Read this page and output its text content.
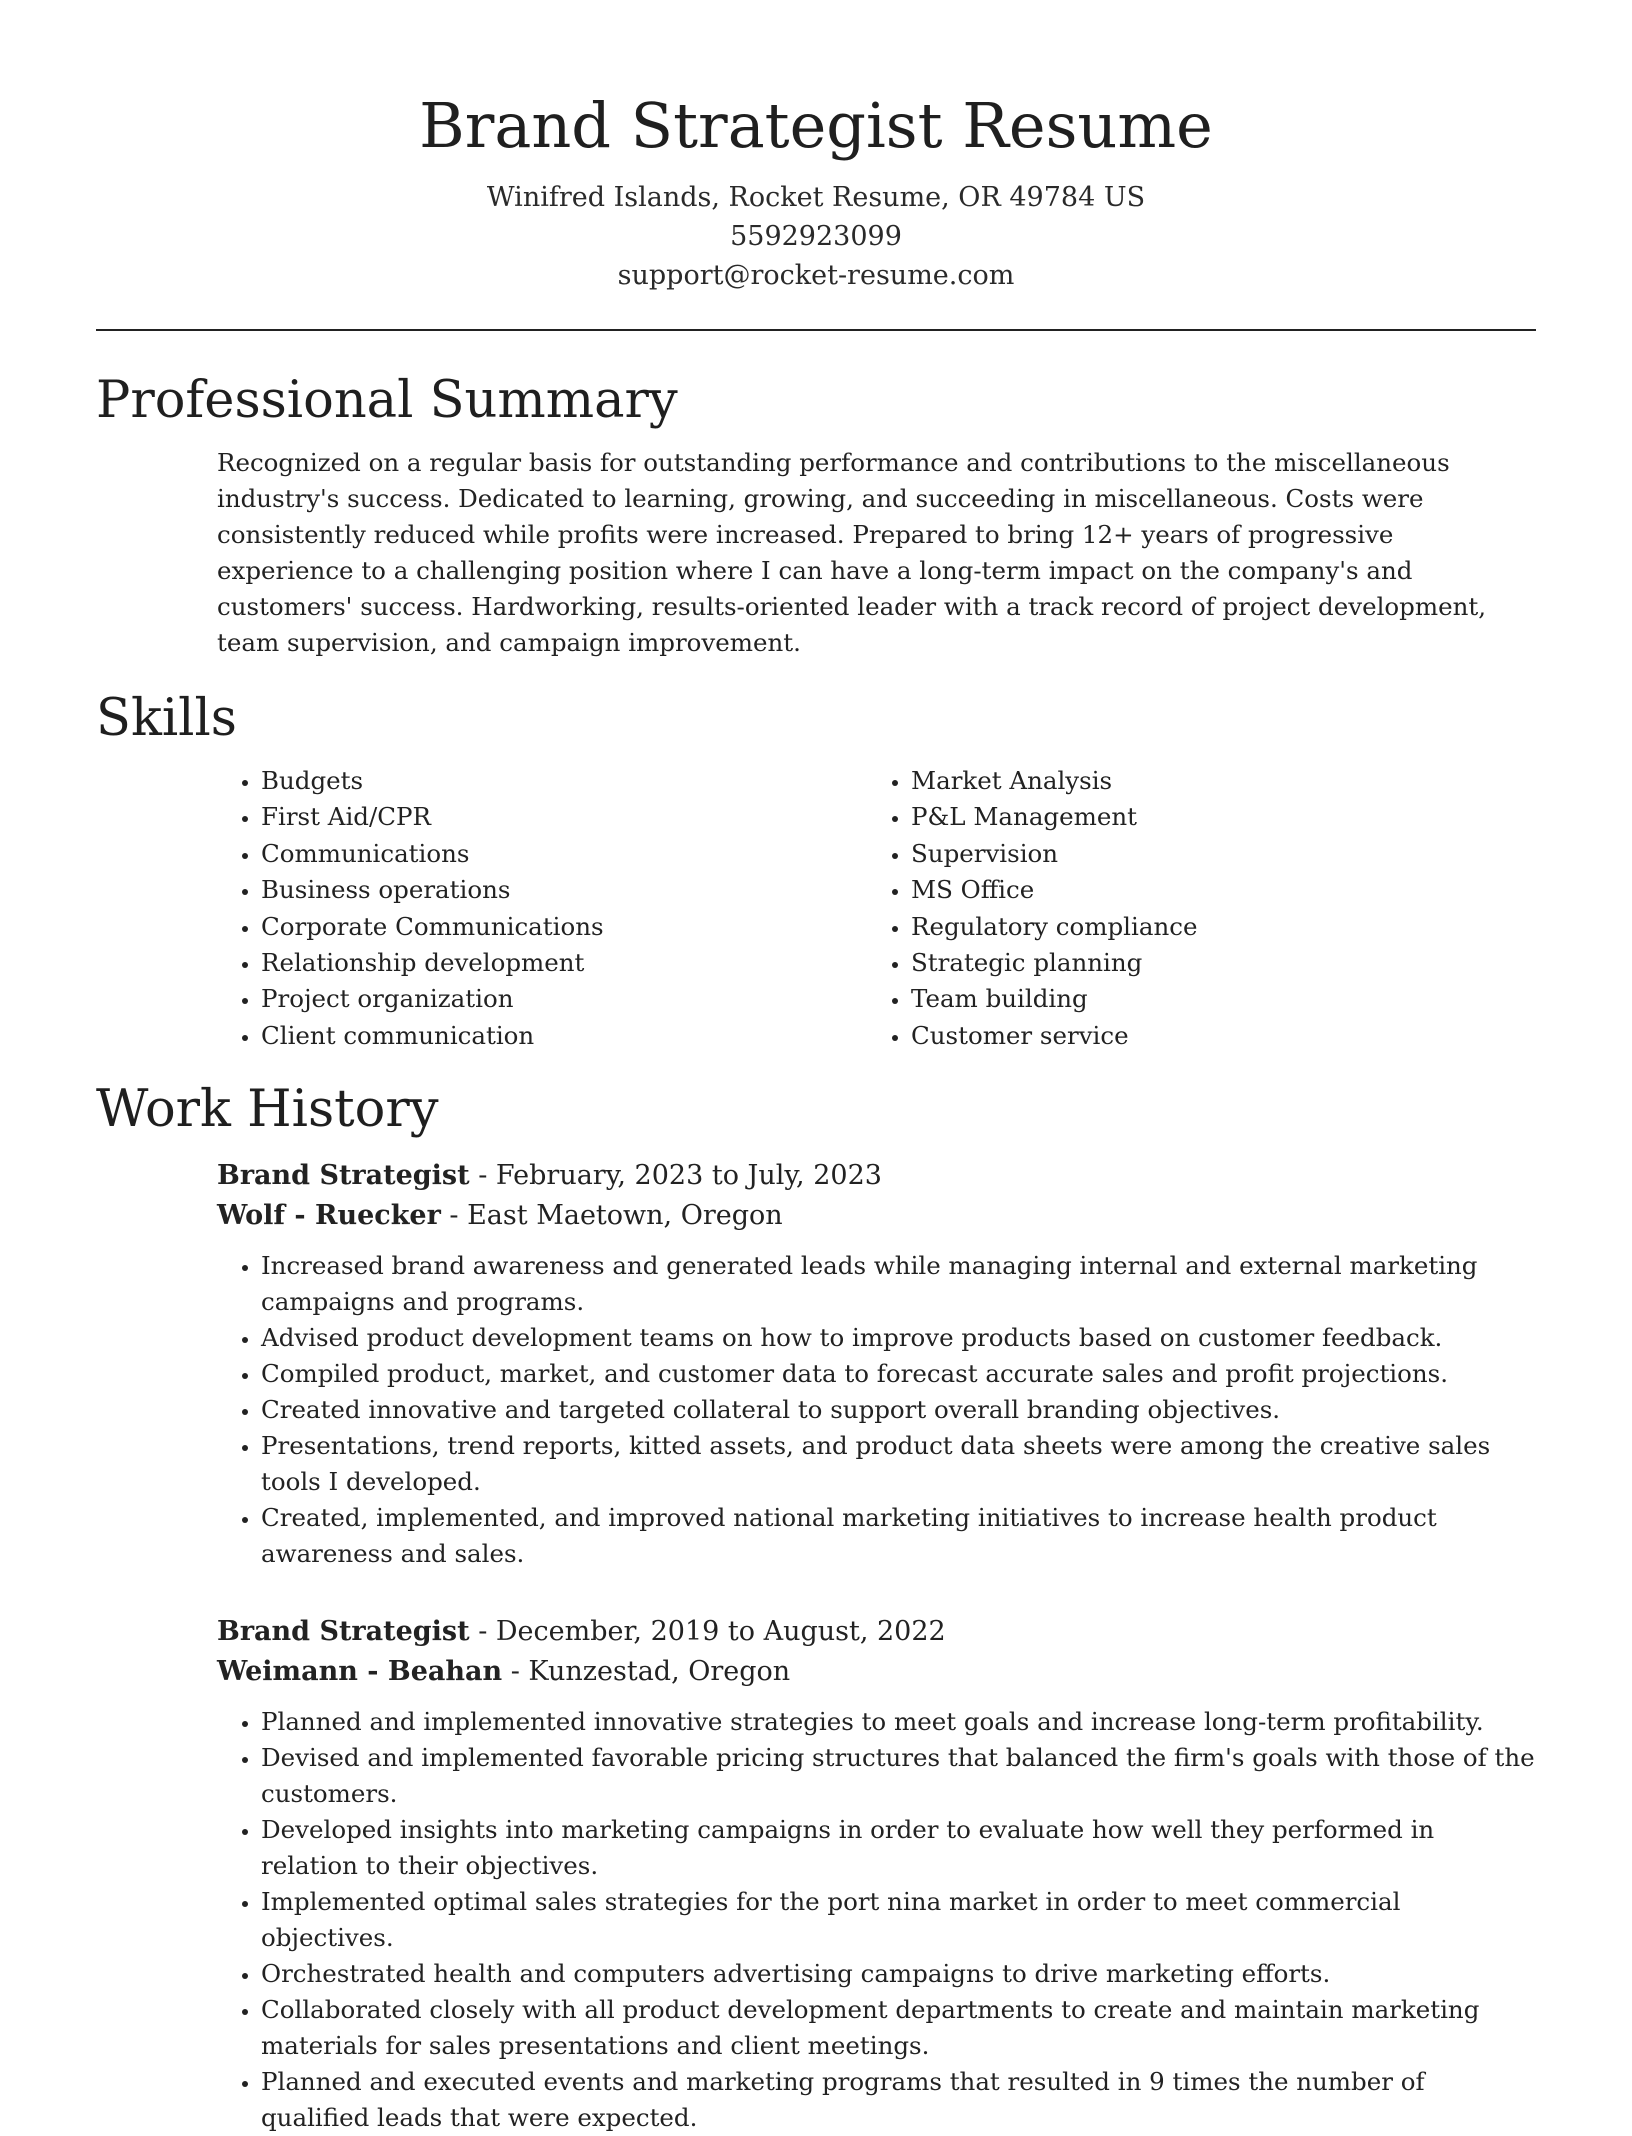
Brand Strategist Resume
Winifred Islands, Rocket Resume, OR 49784 US
5592923099
support@rocket-resume.com
Professional Summary

Recognized on a regular basis for outstanding performance and contributions to the miscellaneous industry's success. Dedicated to learning, growing, and succeeding in miscellaneous. Costs were consistently reduced while profits were increased. Prepared to bring 12+ years of progressive experience to a challenging position where I can have a long-term impact on the company's and customers' success. Hardworking, results-oriented leader with a track record of project development, team supervision, and campaign improvement.

Skills
• Budgets
• First Aid/CPR
• Communications
• Business operations
• Corporate Communications
• Relationship development
• Project organization
• Client communication
• Market Analysis
• P&L Management
• Supervision
• MS Office
• Regulatory compliance
• Strategic planning
• Team building
• Customer service
Work History
Brand Strategist - February, 2023 to July, 2023
Wolf - Ruecker - East Maetown, Oregon
• Increased brand awareness and generated leads while managing internal and external marketing campaigns and programs.
• Advised product development teams on how to improve products based on customer feedback.
• Compiled product, market, and customer data to forecast accurate sales and profit projections.
• Created innovative and targeted collateral to support overall branding objectives.
• Presentations, trend reports, kitted assets, and product data sheets were among the creative sales tools I developed.
• Created, implemented, and improved national marketing initiatives to increase health product awareness and sales.
Brand Strategist - December, 2019 to August, 2022
Weimann - Beahan - Kunzestad, Oregon
• Planned and implemented innovative strategies to meet goals and increase long-term profitability.
• Devised and implemented favorable pricing structures that balanced the firm's goals with those of the customers.
• Developed insights into marketing campaigns in order to evaluate how well they performed in relation to their objectives.
• Implemented optimal sales strategies for the port nina market in order to meet commercial objectives.
• Orchestrated health and computers advertising campaigns to drive marketing efforts.
• Collaborated closely with all product development departments to create and maintain marketing materials for sales presentations and client meetings.
• Planned and executed events and marketing programs that resulted in 9 times the number of qualified leads that were expected.
